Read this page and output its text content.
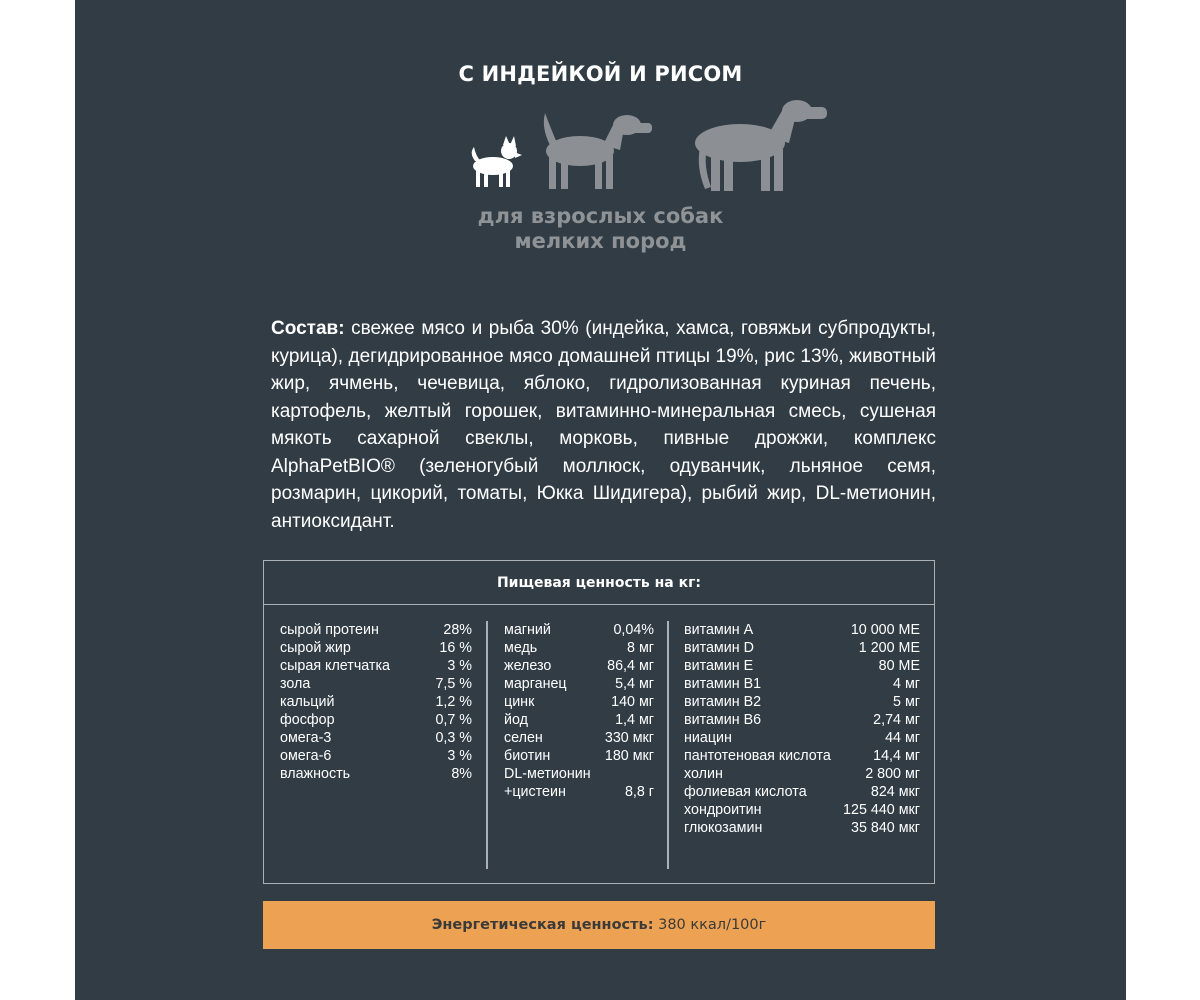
С ИНДЕЙКОЙ И РИСОМ
для взрослых собак
мелких пород
Состав: свежее мясо и рыба 30% (индейка, хамса, говяжьи субпродукты, курица), дегидрированное мясо домашней птицы 19%, рис 13%, животный жир, ячмень, чечевица, яблоко, гидролизованная куриная печень, картофель, желтый горошек, витаминно-минеральная смесь, сушеная мякоть сахарной свеклы, морковь, пивные дрожжи, комплекс AlphaPetBIO® (зеленогубый моллюск, одуванчик, льняное семя, розмарин, цикорий, томаты, Юкка Шидигера), рыбий жир, DL-метионин, антиоксидант.
Пищевая ценность на кг:
сырой протеин	28%
сырой жир	16 %
сырая клетчатка	3 %
зола	7,5 %
кальций	1,2 %
фосфор	0,7 %
омега-3	0,3 %
омега-6	3 %
влажность	8%
магний	0,04%
медь	8 мг
железо	86,4 мг
марганец	5,4 мг
цинк	140 мг
йод	1,4 мг
селен	330 мкг
биотин	180 мкг
DL-метионин
+цистеин	8,8 г
витамин А	10 000 МЕ
витамин D	1 200 МЕ
витамин Е	80 МЕ
витамин В1	4 мг
витамин В2	5 мг
витамин В6	2,74 мг
ниацин	44 мг
пантотеновая кислота	14,4 мг
холин	2 800 мг
фолиевая кислота	824 мкг
хондроитин	125 440 мкг
глюкозамин	35 840 мкг
Энергетическая ценность: 380 ккал/100г
